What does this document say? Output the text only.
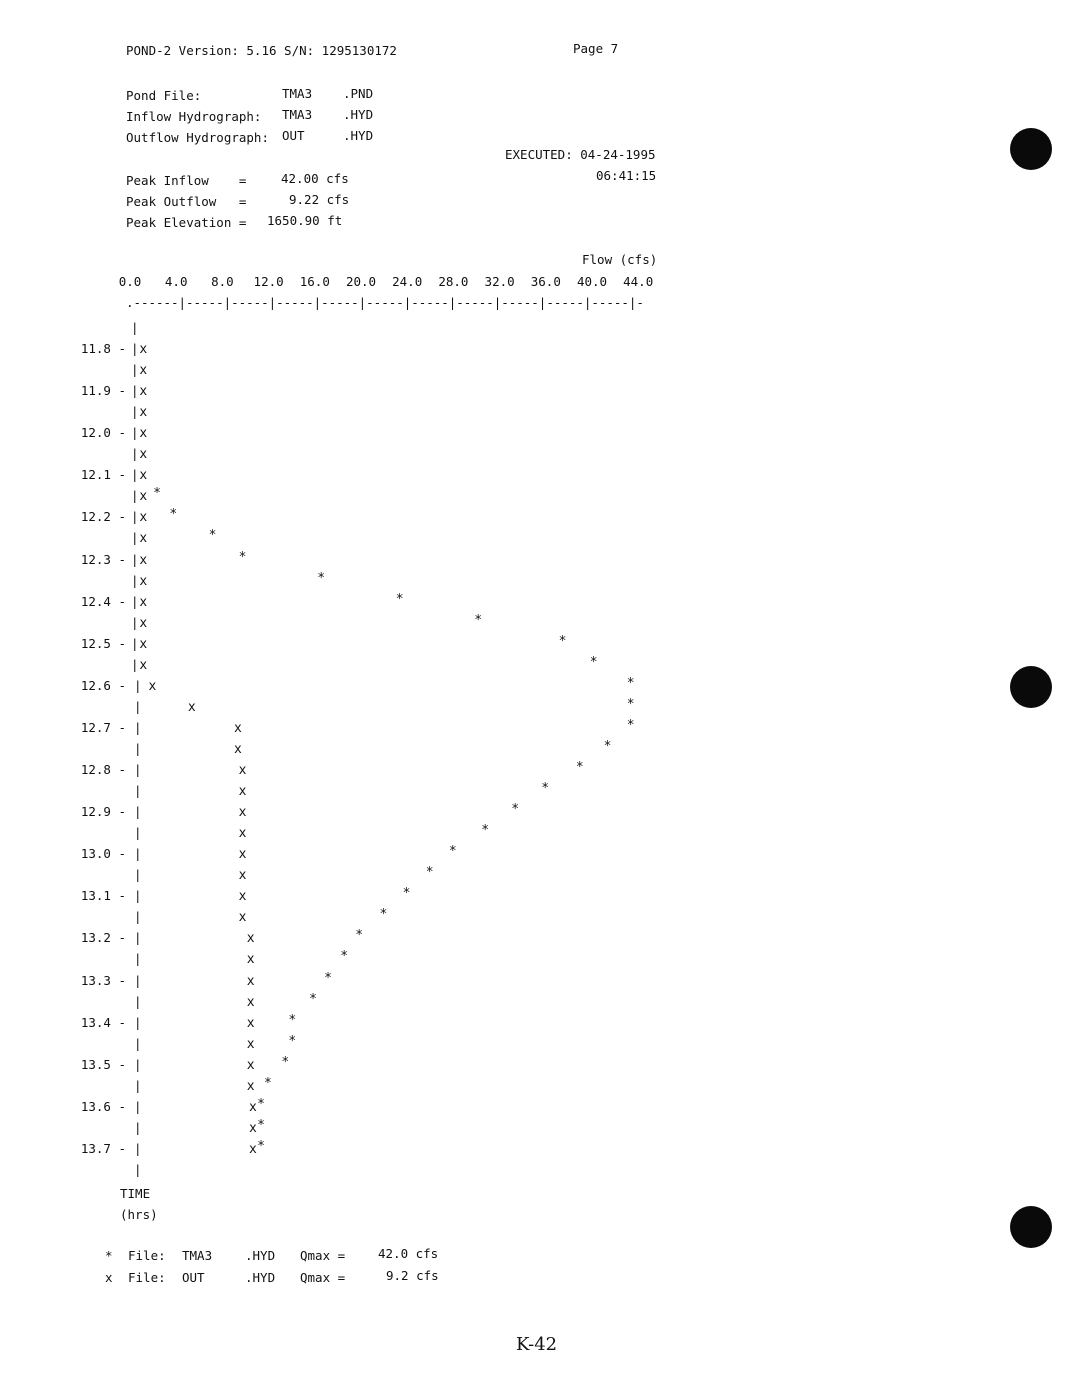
POND-2 Version: 5.16 S/N: 1295130172	Page 7
Pond File:	TMA3 .PND
Inflow Hydrograph: TMA3 .HYD
Outflow Hydrograph: OUT	.HYD
EXECUTED: 04-24-1995
06:41:15
Peak Inflow    =	42.00 cfs
Peak Outflow   =	9.22 cfs
Peak Elevation = 1650.90 ft
Flow (cfs)
.------|-----|-----|-----|-----|-----|-----|-----|-----|-----|-----|-
0.0 4.0 8.0 12.0 16.0 20.0 24.0 28.0 32.0 36.0 40.0 44.0
|
|
|
|
|
|
|
|
|
|
|
|
|
|
|
|
|
|
|
|
|
|
|
|
|
|
|
|
|
|
|
|
|
|
|
|
|
|
|
|
|
11.8 -
11.9 -
12.0 -
12.1 -
12.2 -
12.3 -
12.4 -
12.5 -
12.6 -
12.7 -
12.8 -
12.9 -
13.0 -
13.1 -
13.2 -
13.3 -
13.4 -
13.5 -
13.6 -
13.7 -
*
*
*
*
*
*
*
*
*
*
*
*
*
*
*
*
*
*
*
*
*
*
*
*
*
*
*
*
*
*
*
*
x
x
x
x
x
x
x
x
x
x
x
x
x
x
x
x
x
x
x
x
x
x
x
x
x
x
x
x
x
x
x
x
x
x
x
x
x
x
x
TIME
(hrs)
* File: TMA3	.HYD Qmax =	42.0 cfs
x File: OUT	.HYD Qmax =	9.2 cfs
K-42
